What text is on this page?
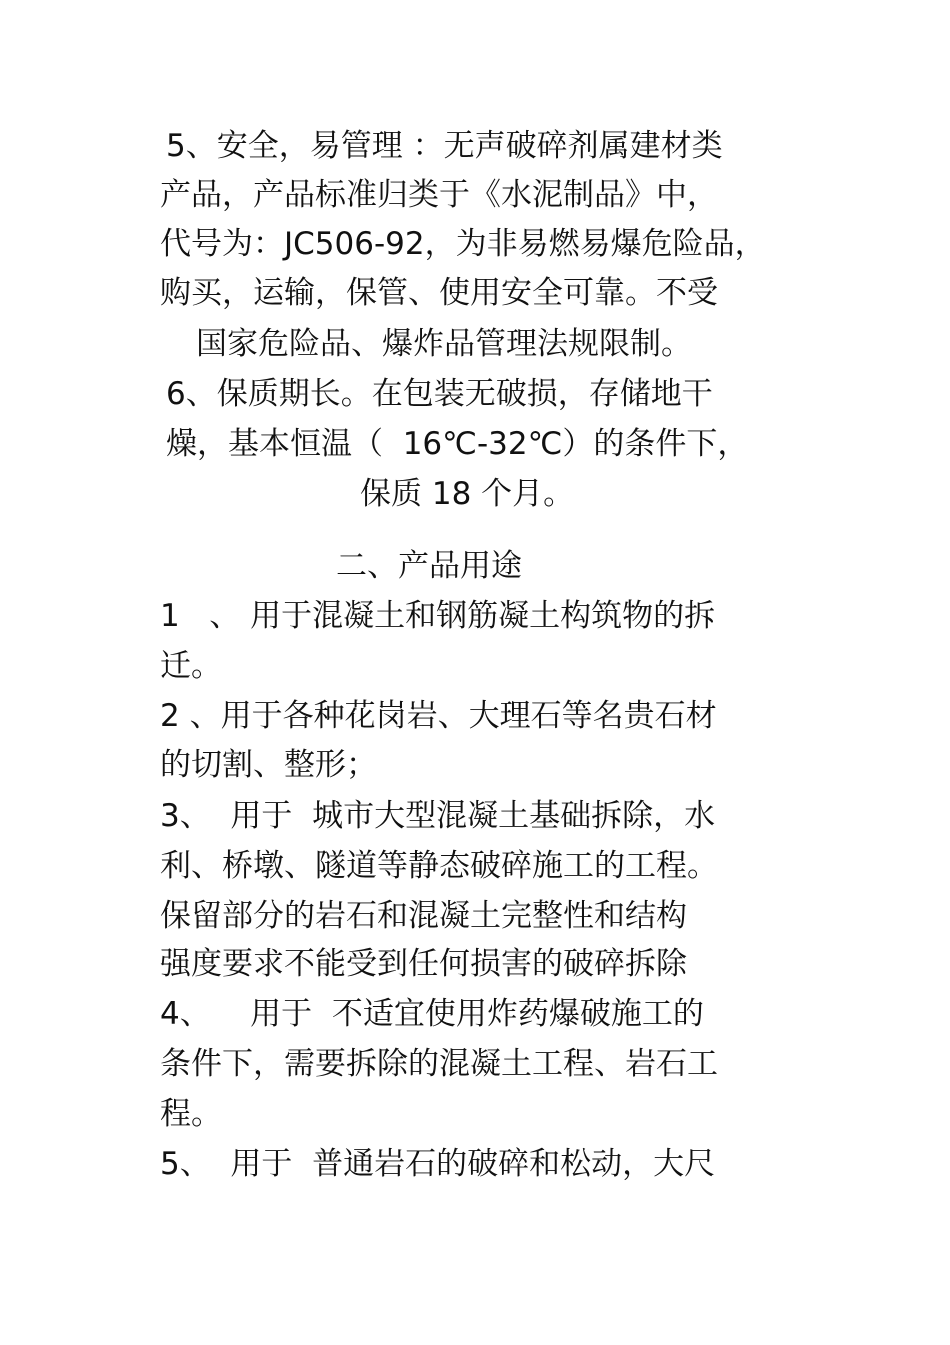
5、安全，易管理 ：无声破碎剂属建材类
产品，产品标准归类于《水泥制品》中，
代号为：JC506-92，为非易燃易爆危险品，
购买，运输，保管、使用安全可靠。不受
国家危险品、爆炸品管理法规限制。
6、保质期长。在包装无破损，存储地干
燥，基本恒温（  16℃-32℃）的条件下，
保质 18 个月。
二、产品用途
1   、 用于混凝土和钢筋凝土构筑物的拆
迁。
2 、用于各种花岗岩、大理石等名贵石材
的切割、整形；
3、  用于  城市大型混凝土基础拆除，水
利、桥墩、隧道等静态破碎施工的工程。
保留部分的岩石和混凝土完整性和结构
强度要求不能受到任何损害的破碎拆除
4、    用于  不适宜使用炸药爆破施工的
条件下，需要拆除的混凝土工程、岩石工
程。
5、  用于  普通岩石的破碎和松动，大尺
